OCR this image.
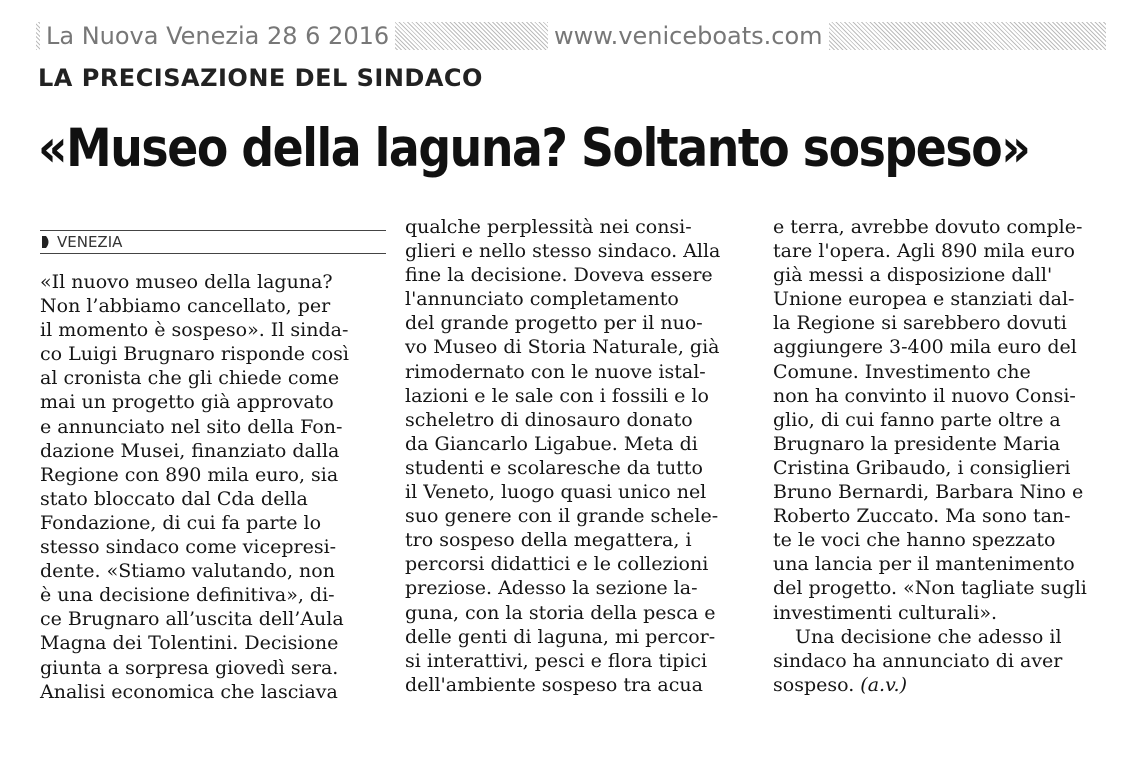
La Nuova Venezia 28 6 2016	www.veniceboats.com
LA PRECISAZIONE DEL SINDACO
«Museo della laguna? Soltanto sospeso»
VENEZIA
«Il nuovo museo della laguna?
Non l’abbiamo cancellato, per
il momento è sospeso». Il sinda-
co Luigi Brugnaro risponde così
al cronista che gli chiede come
mai un progetto già approvato
e annunciato nel sito della Fon-
dazione Musei, finanziato dalla
Regione con 890 mila euro, sia
stato bloccato dal Cda della
Fondazione, di cui fa parte lo
stesso sindaco come vicepresi-
dente. «Stiamo valutando, non
è una decisione definitiva», di-
ce Brugnaro all’uscita dell’Aula
Magna dei Tolentini. Decisione
giunta a sorpresa giovedì sera.
Analisi economica che lasciava
qualche perplessità nei consi-
glieri e nello stesso sindaco. Alla
fine la decisione. Doveva essere
l'annunciato completamento
del grande progetto per il nuo-
vo Museo di Storia Naturale, già
rimodernato con le nuove istal-
lazioni e le sale con i fossili e lo
scheletro di dinosauro donato
da Giancarlo Ligabue. Meta di
studenti e scolaresche da tutto
il Veneto, luogo quasi unico nel
suo genere con il grande schele-
tro sospeso della megattera, i
percorsi didattici e le collezioni
preziose. Adesso la sezione la-
guna, con la storia della pesca e
delle genti di laguna, mi percor-
si interattivi, pesci e flora tipici
dell'ambiente sospeso tra acua
e terra, avrebbe dovuto comple-
tare l'opera. Agli 890 mila euro
già messi a disposizione dall'
Unione europea e stanziati dal-
la Regione si sarebbero dovuti
aggiungere 3-400 mila euro del
Comune. Investimento che
non ha convinto il nuovo Consi-
glio, di cui fanno parte oltre a
Brugnaro la presidente Maria
Cristina Gribaudo, i consiglieri
Bruno Bernardi, Barbara Nino e
Roberto Zuccato. Ma sono tan-
te le voci che hanno spezzato
una lancia per il mantenimento
del progetto. «Non tagliate sugli
investimenti culturali».
Una decisione che adesso il
sindaco ha annunciato di aver
sospeso. (a.v.)
